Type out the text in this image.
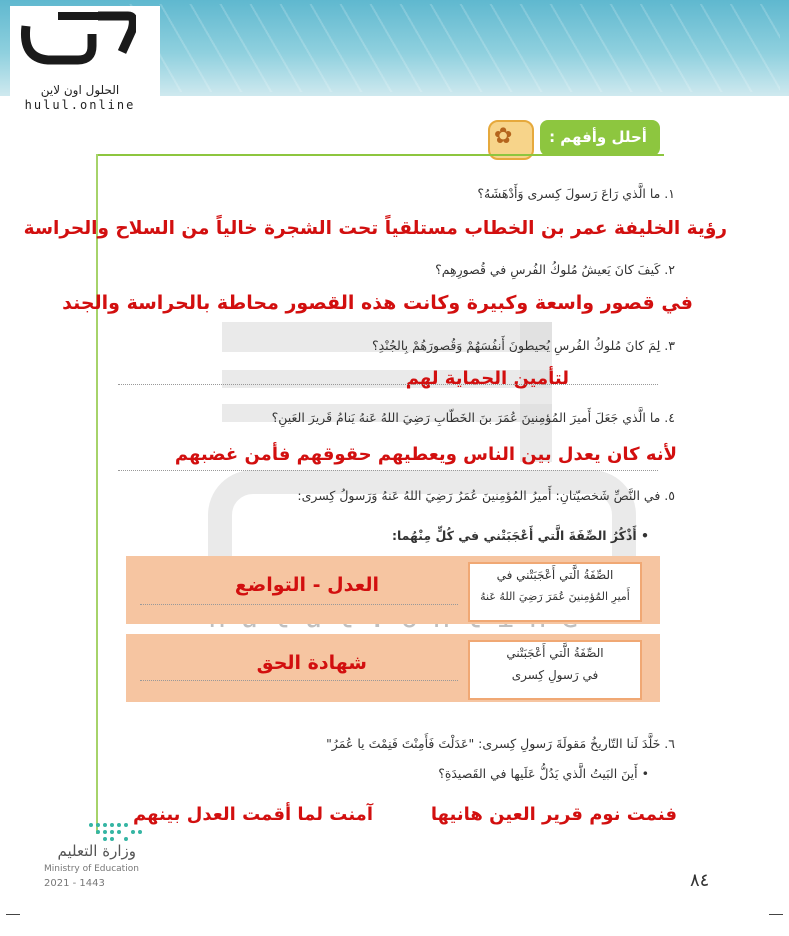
الحلول اون لاين
hulul.online
أحلل وأفهم :
✿
١. ما الَّذي رَاعَ رَسولَ كِسرى وَأَدْهَشَهُ؟
رؤية الخليفة عمر بن الخطاب مستلقياً تحت الشجرة خالياً من السلاح والحراسة
٢. كَيفَ كانَ يَعيشُ مُلوكُ الفُرسِ في قُصورِهِم؟
في قصور واسعة وكبيرة وكانت هذه القصور محاطة بالحراسة والجند
٣. لِمَ كانَ مُلوكُ الفُرسِ يُحيطونَ أَنفُسَهُمْ وَقُصورَهُمْ بِالجُنْدِ؟
لتأمين الحماية لهم
٤. ما الَّذي جَعَلَ أَميرَ المُؤمِنينَ عُمَرَ بنَ الخَطّابِ رَضِيَ اللهُ عَنهُ يَنامُ قَريرَ العَينِ؟
لأنه كان يعدل بين الناس ويعطيهم حقوقهم فأمن غضبهم
٥. في النَّصِّ شَخصيّتانِ: أَميرُ المُؤمِنينَ عُمَرُ رَضِيَ اللهُ عَنهُ وَرَسولُ كِسرى:
• أَذْكُرُ الصِّفَةَ الَّتي أَعْجَبَتْني في كُلٍّ مِنْهُما:
الصِّفَةُ الَّتي أَعْجَبَتْني في
أَميرِ المُؤمِنينَ عُمَرَ رَضِيَ اللهُ عَنهُ
العدل - التواضع
الصِّفَةُ الَّتي أَعْجَبَتْني
في رَسولِ كِسرى
شهادة الحق
٦. خَلَّدَ لَنا التّاريخُ مَقولَةَ رَسولِ كِسرى: "عَدَلْتَ فَأَمِنْتَ فَنِمْتَ يا عُمَرُ"
• أَينَ البَيتُ الَّذي يَدُلُّ عَلَيها في القَصيدَةِ؟
آمنت لما أقمت العدل بينهم	فنمت نوم قرير العين هانيها
وزارة التعليم
Ministry of Education
2021 - 1443	٨٤
